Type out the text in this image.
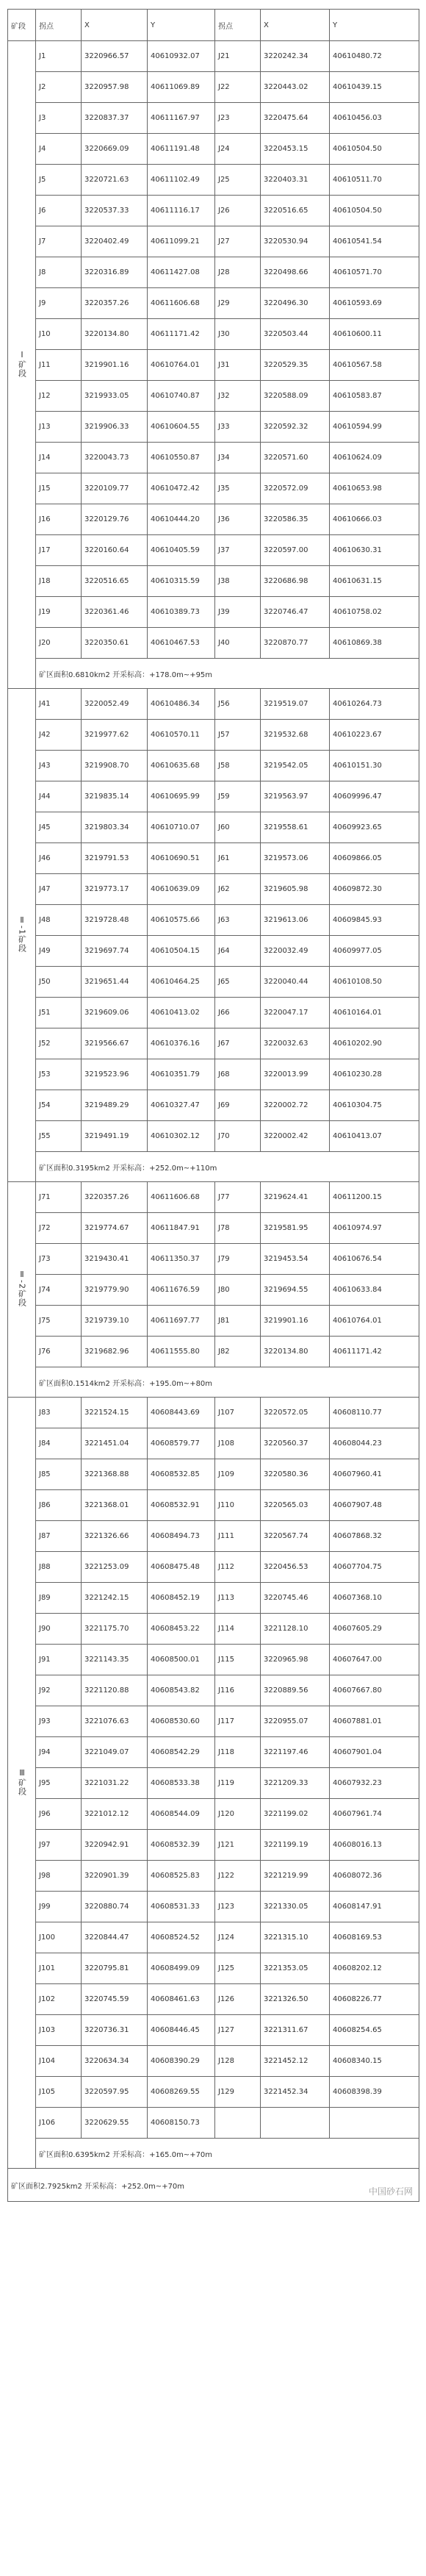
矿段	拐点	X	Y	拐点	X	Y
Ⅰ矿段	J1	3220966.57	40610932.07	J21	3220242.34	40610480.72
	J2	3220957.98	40611069.89	J22	3220443.02	40610439.15
	J3	3220837.37	40611167.97	J23	3220475.64	40610456.03
	J4	3220669.09	40611191.48	J24	3220453.15	40610504.50
	J5	3220721.63	40611102.49	J25	3220403.31	40610511.70
	J6	3220537.33	40611116.17	J26	3220516.65	40610504.50
	J7	3220402.49	40611099.21	J27	3220530.94	40610541.54
	J8	3220316.89	40611427.08	J28	3220498.66	40610571.70
	J9	3220357.26	40611606.68	J29	3220496.30	40610593.69
	J10	3220134.80	40611171.42	J30	3220503.44	40610600.11
	J11	3219901.16	40610764.01	J31	3220529.35	40610567.58
	J12	3219933.05	40610740.87	J32	3220588.09	40610583.87
	J13	3219906.33	40610604.55	J33	3220592.32	40610594.99
	J14	3220043.73	40610550.87	J34	3220571.60	40610624.09
	J15	3220109.77	40610472.42	J35	3220572.09	40610653.98
	J16	3220129.76	40610444.20	J36	3220586.35	40610666.03
	J17	3220160.64	40610405.59	J37	3220597.00	40610630.31
	J18	3220516.65	40610315.59	J38	3220686.98	40610631.15
	J19	3220361.46	40610389.73	J39	3220746.47	40610758.02
	J20	3220350.61	40610467.53	J40	3220870.77	40610869.38
	矿区面积0.6810km2 开采标高：+178.0m~+95m					
Ⅱ-1矿段	J41	3220052.49	40610486.34	J56	3219519.07	40610264.73
	J42	3219977.62	40610570.11	J57	3219532.68	40610223.67
	J43	3219908.70	40610635.68	J58	3219542.05	40610151.30
	J44	3219835.14	40610695.99	J59	3219563.97	40609996.47
	J45	3219803.34	40610710.07	J60	3219558.61	40609923.65
	J46	3219791.53	40610690.51	J61	3219573.06	40609866.05
	J47	3219773.17	40610639.09	J62	3219605.98	40609872.30
	J48	3219728.48	40610575.66	J63	3219613.06	40609845.93
	J49	3219697.74	40610504.15	J64	3220032.49	40609977.05
	J50	3219651.44	40610464.25	J65	3220040.44	40610108.50
	J51	3219609.06	40610413.02	J66	3220047.17	40610164.01
	J52	3219566.67	40610376.16	J67	3220032.63	40610202.90
	J53	3219523.96	40610351.79	J68	3220013.99	40610230.28
	J54	3219489.29	40610327.47	J69	3220002.72	40610304.75
	J55	3219491.19	40610302.12	J70	3220002.42	40610413.07
	矿区面积0.3195km2 开采标高：+252.0m~+110m					
Ⅱ-2矿段	J71	3220357.26	40611606.68	J77	3219624.41	40611200.15
	J72	3219774.67	40611847.91	J78	3219581.95	40610974.97
	J73	3219430.41	40611350.37	J79	3219453.54	40610676.54
	J74	3219779.90	40611676.59	J80	3219694.55	40610633.84
	J75	3219739.10	40611697.77	J81	3219901.16	40610764.01
	J76	3219682.96	40611555.80	J82	3220134.80	40611171.42
	矿区面积0.1514km2 开采标高：+195.0m~+80m					
Ⅲ矿段	J83	3221524.15	40608443.69	J107	3220572.05	40608110.77
	J84	3221451.04	40608579.77	J108	3220560.37	40608044.23
	J85	3221368.88	40608532.85	J109	3220580.36	40607960.41
	J86	3221368.01	40608532.91	J110	3220565.03	40607907.48
	J87	3221326.66	40608494.73	J111	3220567.74	40607868.32
	J88	3221253.09	40608475.48	J112	3220456.53	40607704.75
	J89	3221242.15	40608452.19	J113	3220745.46	40607368.10
	J90	3221175.70	40608453.22	J114	3221128.10	40607605.29
	J91	3221143.35	40608500.01	J115	3220965.98	40607647.00
	J92	3221120.88	40608543.82	J116	3220889.56	40607667.80
	J93	3221076.63	40608530.60	J117	3220955.07	40607881.01
	J94	3221049.07	40608542.29	J118	3221197.46	40607901.04
	J95	3221031.22	40608533.38	J119	3221209.33	40607932.23
	J96	3221012.12	40608544.09	J120	3221199.02	40607961.74
	J97	3220942.91	40608532.39	J121	3221199.19	40608016.13
	J98	3220901.39	40608525.83	J122	3221219.99	40608072.36
	J99	3220880.74	40608531.33	J123	3221330.05	40608147.91
	J100	3220844.47	40608524.52	J124	3221315.10	40608169.53
	J101	3220795.81	40608499.09	J125	3221353.05	40608202.12
	J102	3220745.59	40608461.63	J126	3221326.50	40608226.77
	J103	3220736.31	40608446.45	J127	3221311.67	40608254.65
	J104	3220634.34	40608390.29	J128	3221452.12	40608340.15
	J105	3220597.95	40608269.55	J129	3221452.34	40608398.39
	J106	3220629.55	40608150.73			
	矿区面积0.6395km2 开采标高：+165.0m~+70m					
矿区面积2.7925km2 开采标高：+252.0m~+70m							中国砂石网
